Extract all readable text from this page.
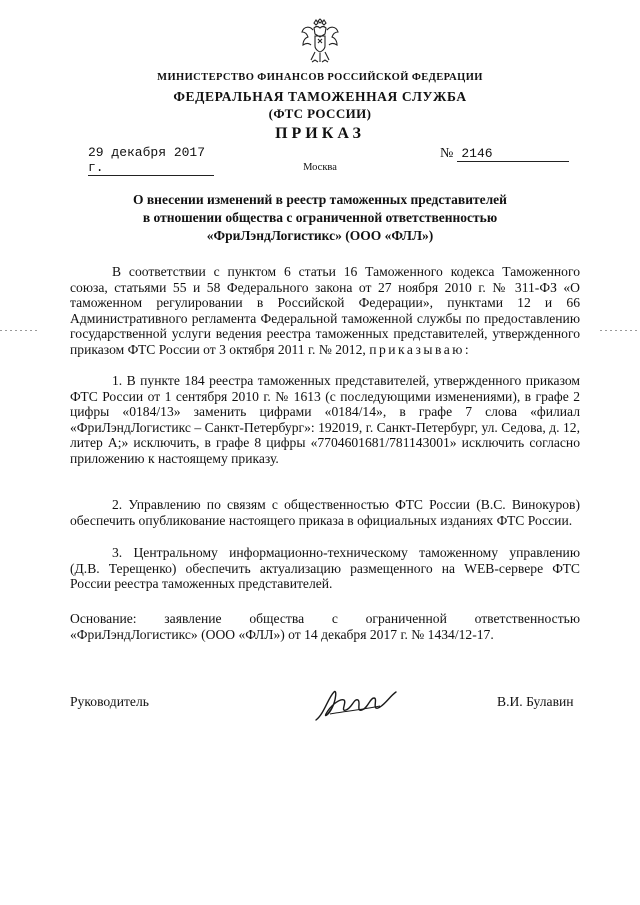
МИНИСТЕРСТВО ФИНАНСОВ РОССИЙСКОЙ ФЕДЕРАЦИИ
ФЕДЕРАЛЬНАЯ ТАМОЖЕННАЯ СЛУЖБА
(ФТС РОССИИ)
ПРИКАЗ
29 декабря 2017 г.
№ 2146
Москва
О внесении изменений в реестр таможенных представителей
в отношении общества с ограниченной ответственностью
«ФриЛэндЛогистикс» (ООО «ФЛЛ»)

В соответствии с пунктом 6 статьи 16 Таможенного кодекса Таможенного союза, статьями 55 и 58 Федерального закона от 27 ноября 2010 г. № 311-ФЗ «О таможенном регулировании в Российской Федерации», пунктами 12 и 66 Административного регламента Федеральной таможенной службы по предоставлению государственной услуги ведения реестра таможенных представителей, утвержденного приказом ФТС России от 3 октября 2011 г. № 2012, приказываю:

1. В пункте 184 реестра таможенных представителей, утвержденного приказом ФТС России от 1 сентября 2010 г. № 1613 (с последующими изменениями), в графе 2 цифры «0184/13» заменить цифрами «0184/14», в графе 7 слова «филиал «ФриЛэндЛогистикс – Санкт-Петербург»: 192019, г. Санкт-Петербург, ул. Седова, д. 12, литер А;» исключить, в графе 8 цифры «7704601681/781143001» исключить согласно приложению к настоящему приказу.

2. Управлению по связям с общественностью ФТС России (В.С. Винокуров) обеспечить опубликование настоящего приказа в официальных изданиях ФТС России.

3. Центральному информационно-техническому таможенному управлению (Д.В. Терещенко) обеспечить актуализацию размещенного на WEB-сервере ФТС России реестра таможенных представителей.

Основание: заявление общества с ограниченной ответственностью «ФриЛэндЛогистикс» (ООО «ФЛЛ») от 14 декабря 2017 г. № 1434/12-17.

Руководитель	В.И. Булавин
